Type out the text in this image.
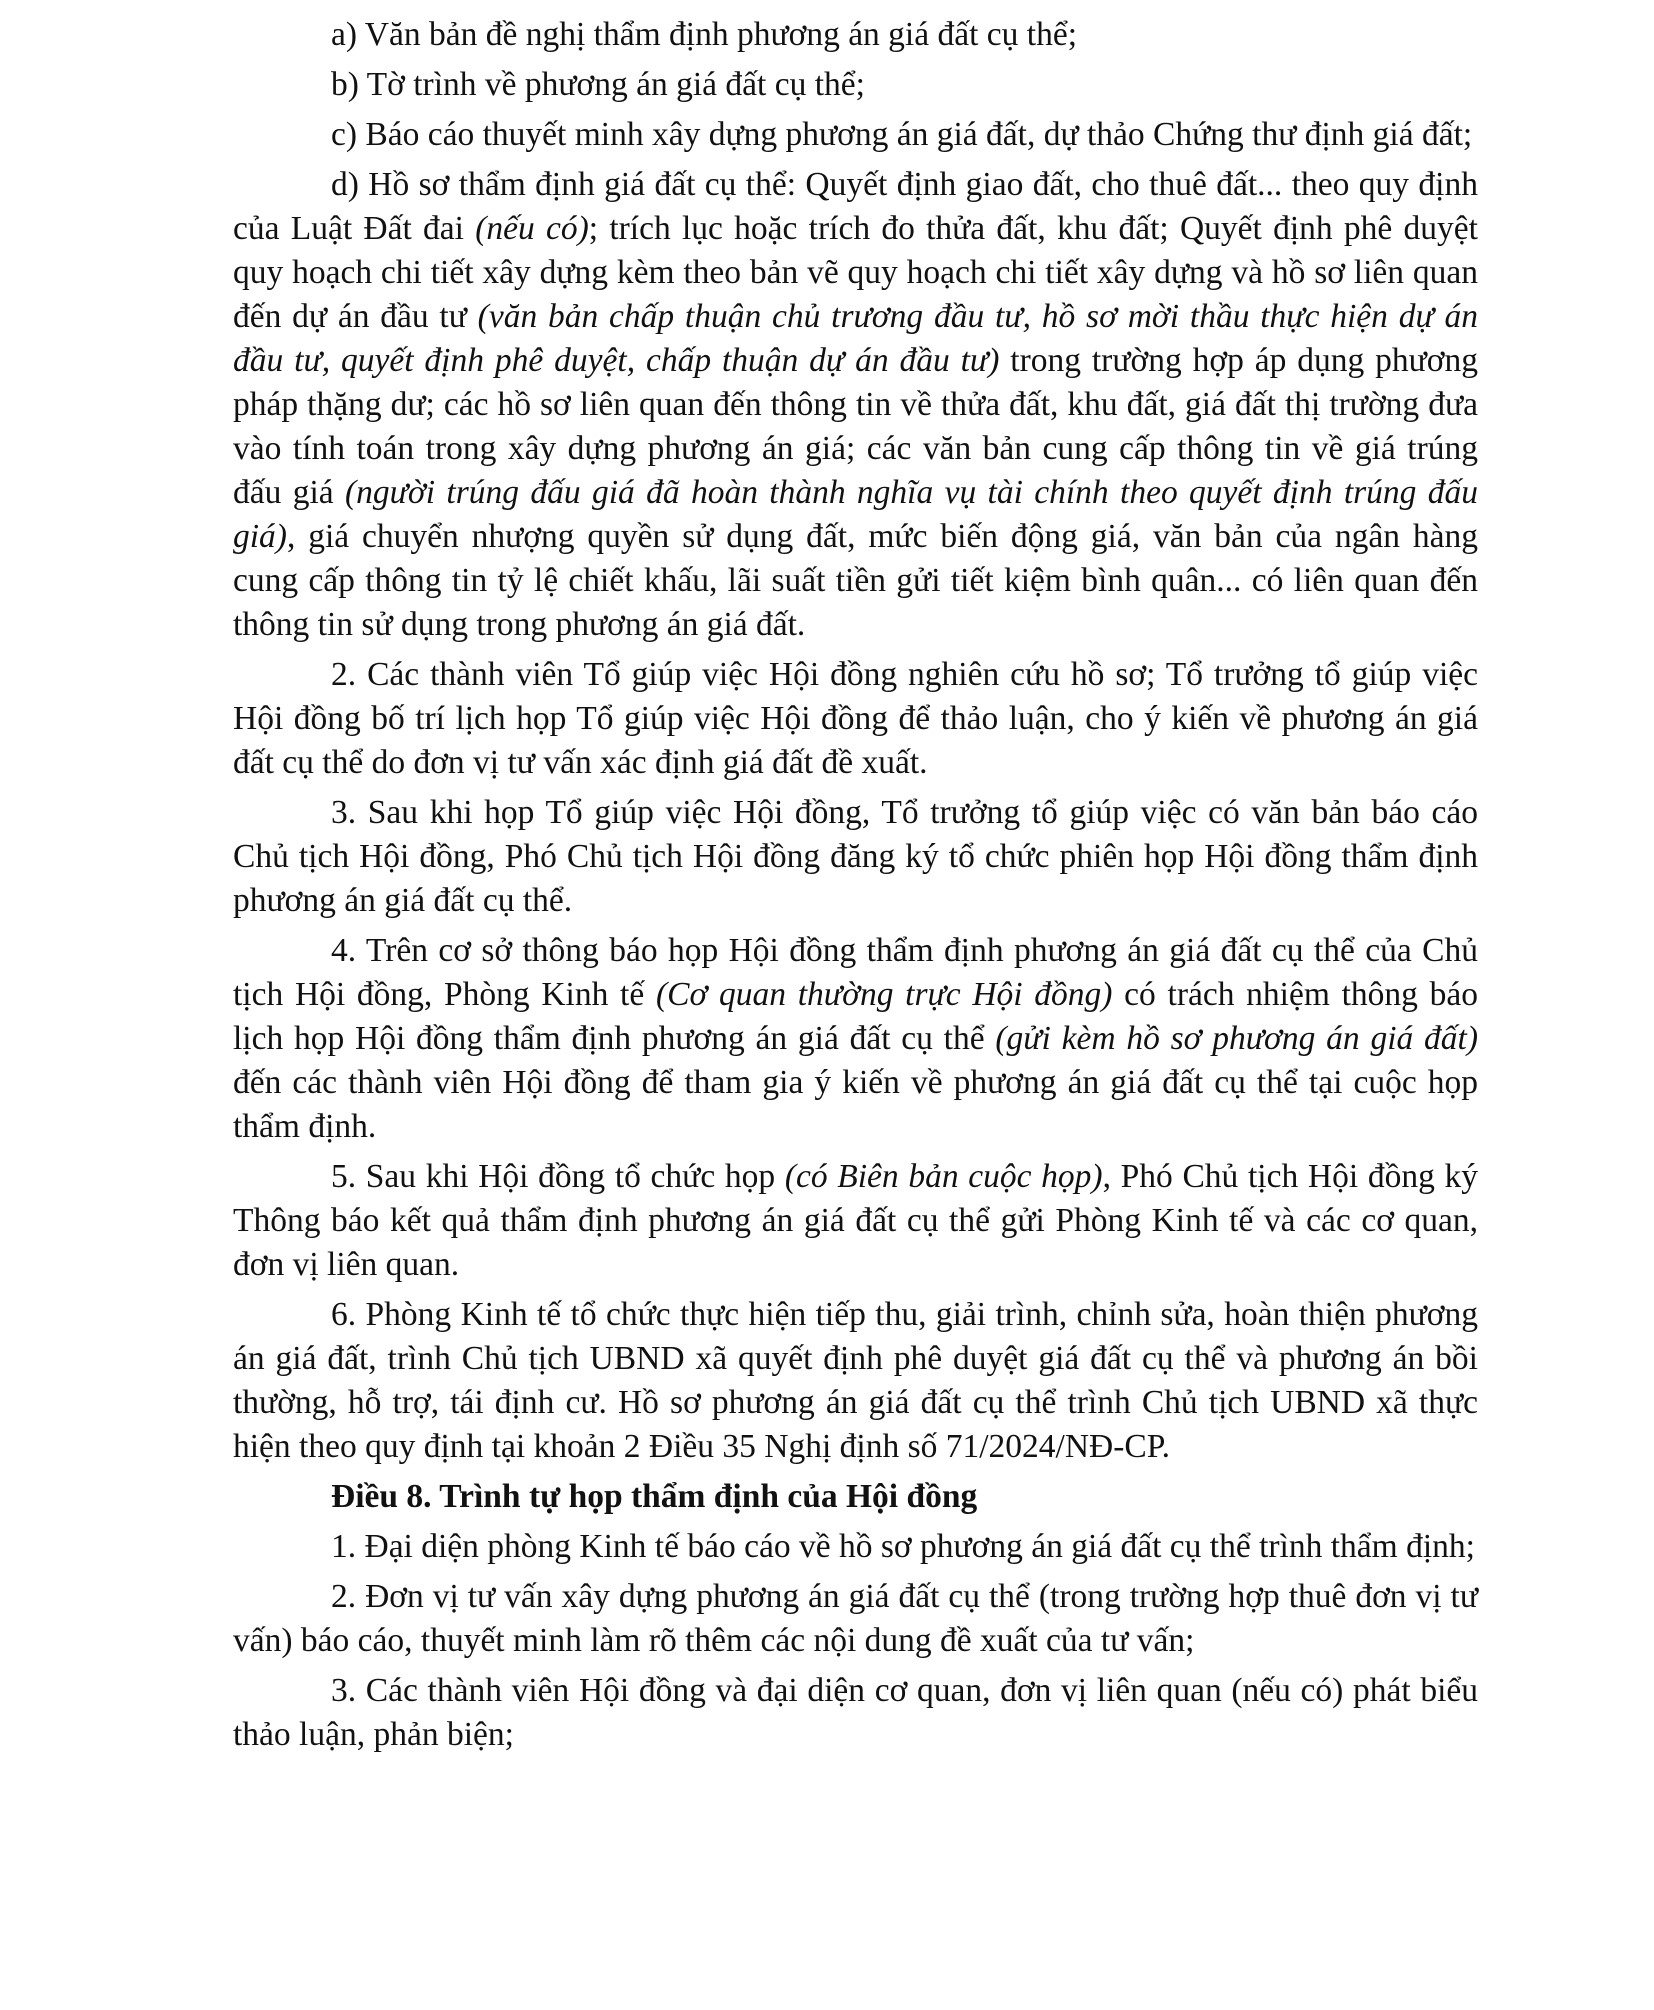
a) Văn bản đề nghị thẩm định phương án giá đất cụ thể;

b) Tờ trình về phương án giá đất cụ thể;

c) Báo cáo thuyết minh xây dựng phương án giá đất, dự thảo Chứng thư định giá đất;

d) Hồ sơ thẩm định giá đất cụ thể: Quyết định giao đất, cho thuê đất... theo quy định của Luật Đất đai (nếu có); trích lục hoặc trích đo thửa đất, khu đất; Quyết định phê duyệt quy hoạch chi tiết xây dựng kèm theo bản vẽ quy hoạch chi tiết xây dựng và hồ sơ liên quan đến dự án đầu tư (văn bản chấp thuận chủ trương đầu tư, hồ sơ mời thầu thực hiện dự án đầu tư, quyết định phê duyệt, chấp thuận dự án đầu tư) trong trường hợp áp dụng phương pháp thặng dư; các hồ sơ liên quan đến thông tin về thửa đất, khu đất, giá đất thị trường đưa vào tính toán trong xây dựng phương án giá; các văn bản cung cấp thông tin về giá trúng đấu giá (người trúng đấu giá đã hoàn thành nghĩa vụ tài chính theo quyết định trúng đấu giá), giá chuyển nhượng quyền sử dụng đất, mức biến động giá, văn bản của ngân hàng cung cấp thông tin tỷ lệ chiết khấu, lãi suất tiền gửi tiết kiệm bình quân... có liên quan đến thông tin sử dụng trong phương án giá đất.

2. Các thành viên Tổ giúp việc Hội đồng nghiên cứu hồ sơ; Tổ trưởng tổ giúp việc Hội đồng bố trí lịch họp Tổ giúp việc Hội đồng để thảo luận, cho ý kiến về phương án giá đất cụ thể do đơn vị tư vấn xác định giá đất đề xuất.

3. Sau khi họp Tổ giúp việc Hội đồng, Tổ trưởng tổ giúp việc có văn bản báo cáo Chủ tịch Hội đồng, Phó Chủ tịch Hội đồng đăng ký tổ chức phiên họp Hội đồng thẩm định phương án giá đất cụ thể.

4. Trên cơ sở thông báo họp Hội đồng thẩm định phương án giá đất cụ thể của Chủ tịch Hội đồng, Phòng Kinh tế (Cơ quan thường trực Hội đồng) có trách nhiệm thông báo lịch họp Hội đồng thẩm định phương án giá đất cụ thể (gửi kèm hồ sơ phương án giá đất) đến các thành viên Hội đồng để tham gia ý kiến về phương án giá đất cụ thể tại cuộc họp thẩm định.

5. Sau khi Hội đồng tổ chức họp (có Biên bản cuộc họp), Phó Chủ tịch Hội đồng ký Thông báo kết quả thẩm định phương án giá đất cụ thể gửi Phòng Kinh tế và các cơ quan, đơn vị liên quan.

6. Phòng Kinh tế tổ chức thực hiện tiếp thu, giải trình, chỉnh sửa, hoàn thiện phương án giá đất, trình Chủ tịch UBND xã quyết định phê duyệt giá đất cụ thể và phương án bồi thường, hỗ trợ, tái định cư. Hồ sơ phương án giá đất cụ thể trình Chủ tịch UBND xã thực hiện theo quy định tại khoản 2 Điều 35 Nghị định số 71/2024/NĐ-CP.

Điều 8. Trình tự họp thẩm định của Hội đồng

1. Đại diện phòng Kinh tế báo cáo về hồ sơ phương án giá đất cụ thể trình thẩm định;

2. Đơn vị tư vấn xây dựng phương án giá đất cụ thể (trong trường hợp thuê đơn vị tư vấn) báo cáo, thuyết minh làm rõ thêm các nội dung đề xuất của tư vấn;

3. Các thành viên Hội đồng và đại diện cơ quan, đơn vị liên quan (nếu có) phát biểu thảo luận, phản biện;
